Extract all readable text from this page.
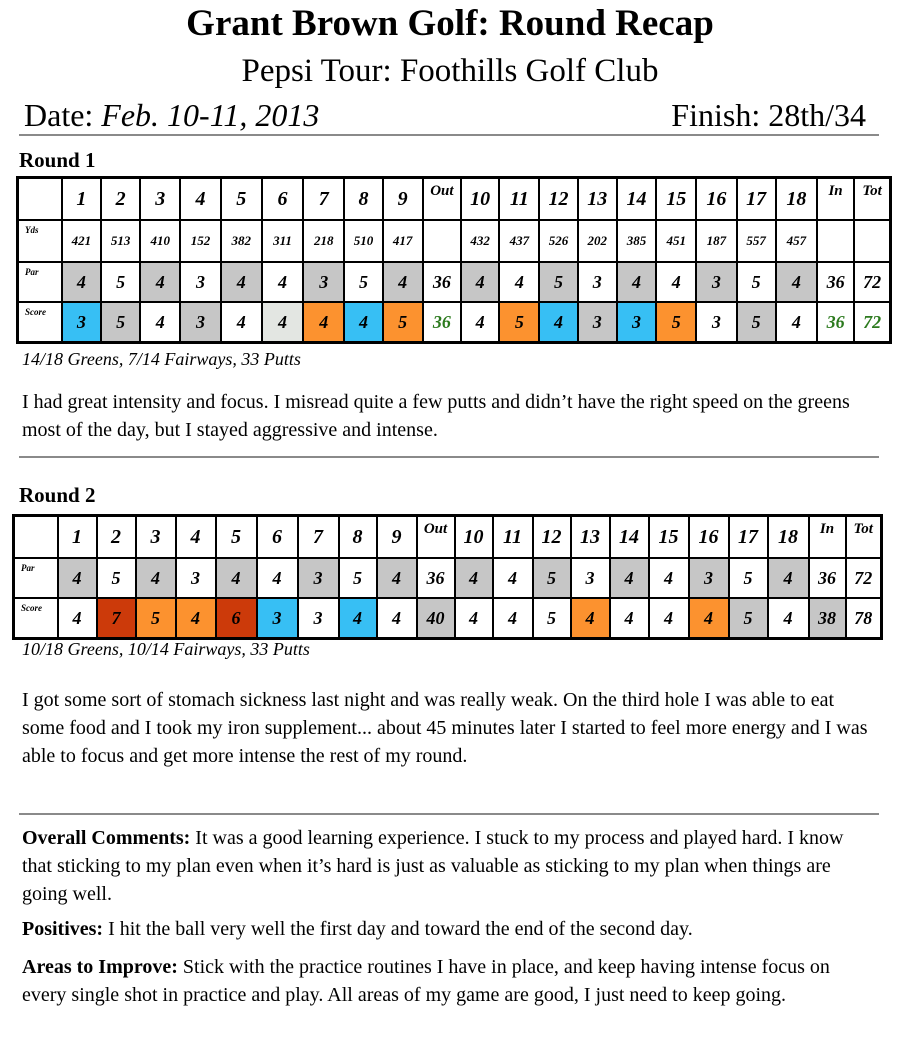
Grant Brown Golf: Round Recap
Pepsi Tour: Foothills Golf Club
Date: Feb. 10-11, 2013	Finish: 28th/34
Round 1
	1	2	3	4	5	6	7	8	9	Out	10	11	12	13	14	15	16	17	18	In	Tot
Yds	421	513	410	152	382	311	218	510	417		432	437	526	202	385	451	187	557	457		
Par	4	5	4	3	4	4	3	5	4	36	4	4	5	3	4	4	3	5	4	36	72
Score	3	5	4	3	4	4	4	4	5	36	4	5	4	3	3	5	3	5	4	36	72
14/18 Greens, 7/14 Fairways, 33 Putts

I had great intensity and focus. I misread quite a few putts and didn’t have the right speed on the greens most of the day, but I stayed aggressive and intense.

Round 2
	1	2	3	4	5	6	7	8	9	Out	10	11	12	13	14	15	16	17	18	In	Tot
Par	4	5	4	3	4	4	3	5	4	36	4	4	5	3	4	4	3	5	4	36	72
Score	4	7	5	4	6	3	3	4	4	40	4	4	5	4	4	4	4	5	4	38	78
10/18 Greens, 10/14 Fairways, 33 Putts

I got some sort of stomach sickness last night and was really weak. On the third hole I was able to eat some food and I took my iron supplement... about 45 minutes later I started to feel more energy and I was able to focus and get more intense the rest of my round.

Overall Comments: It was a good learning experience. I stuck to my process and played hard. I know that sticking to my plan even when it’s hard is just as valuable as sticking to my plan when things are going well.

Positives: I hit the ball very well the first day and toward the end of the second day.

Areas to Improve: Stick with the practice routines I have in place, and keep having intense focus on every single shot in practice and play. All areas of my game are good, I just need to keep going.
